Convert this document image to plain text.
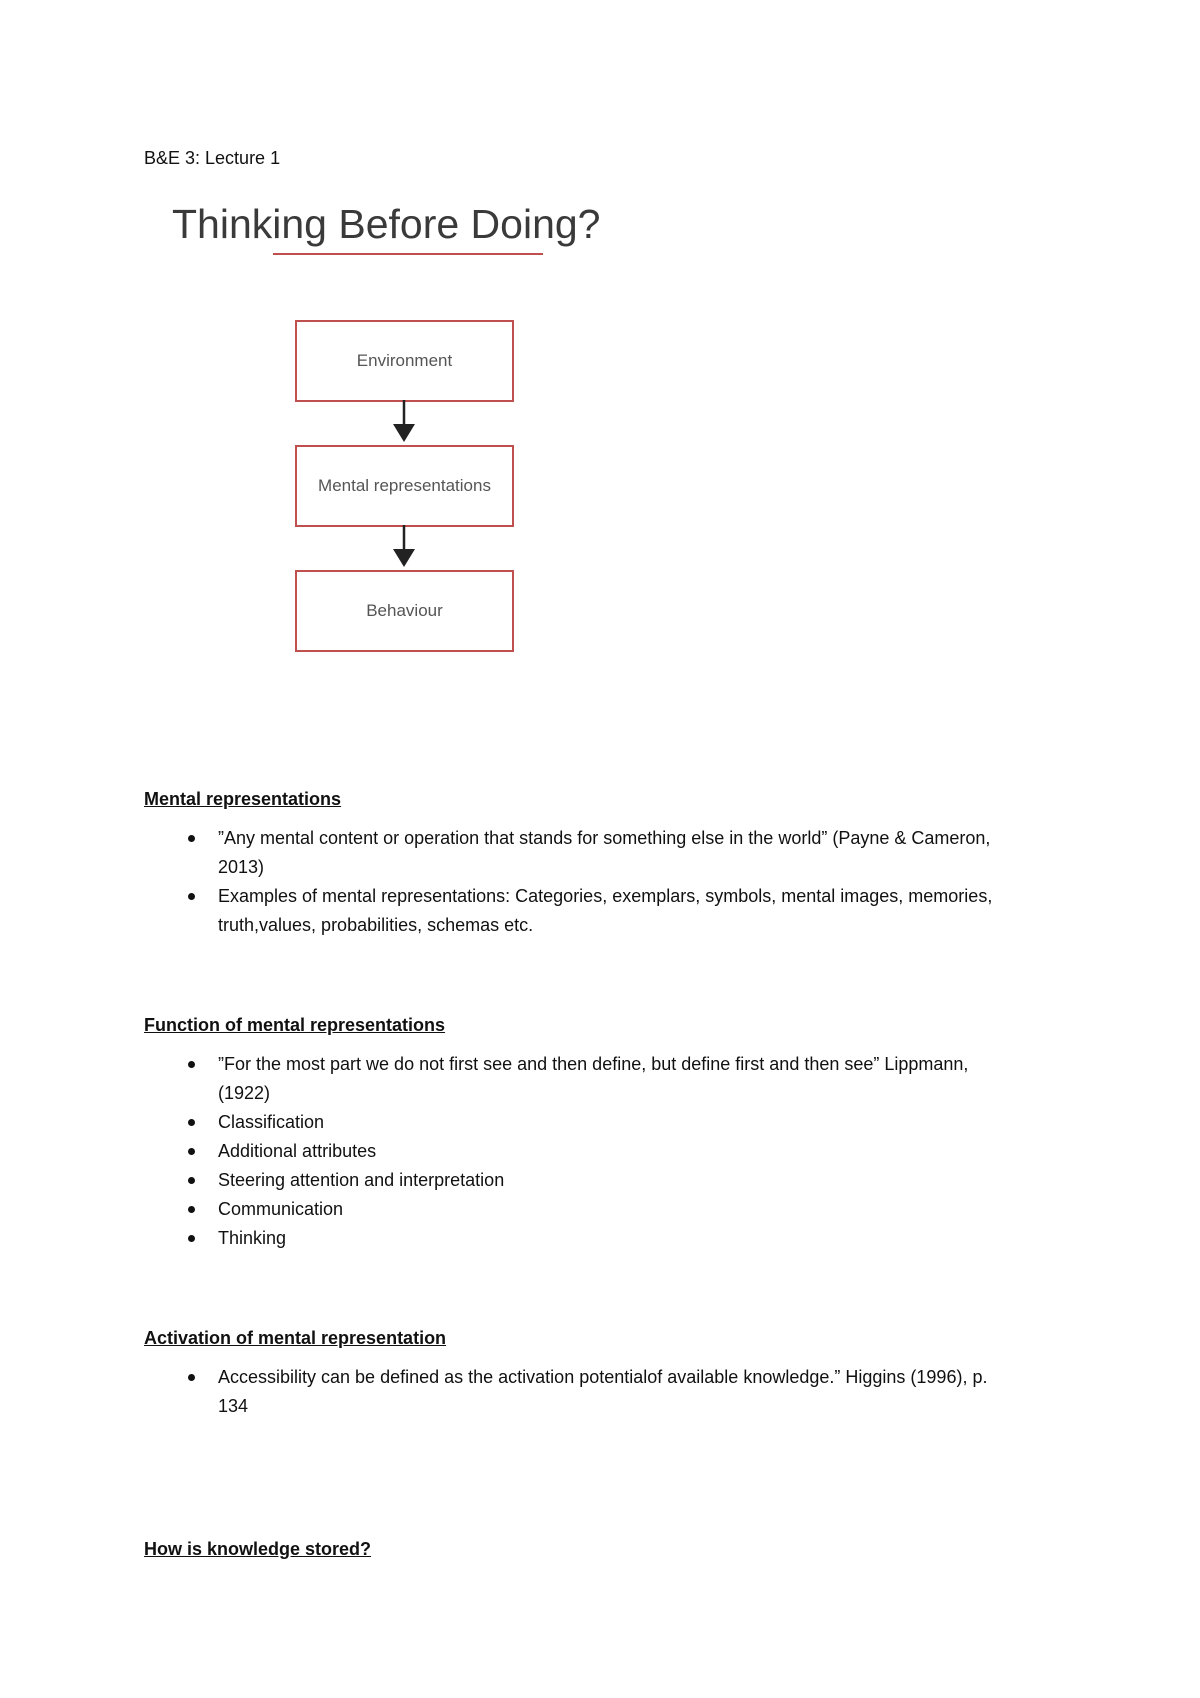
B&E 3: Lecture 1
Thinking Before Doing?
Environment
Mental representations
Behaviour
Mental representations
”Any mental content or operation that stands for something else in the world” (Payne & Cameron, 2013)
Examples of mental representations: Categories, exemplars, symbols, mental images, memories, truth,values, probabilities, schemas etc.
Function of mental representations
”For the most part we do not first see and then define, but define first and then see” Lippmann, (1922)
Classification
Additional attributes
Steering attention and interpretation
Communication
Thinking
Activation of mental representation
Accessibility can be defined as the activation potentialof available knowledge.” Higgins (1996), p. 134
How is knowledge stored?
